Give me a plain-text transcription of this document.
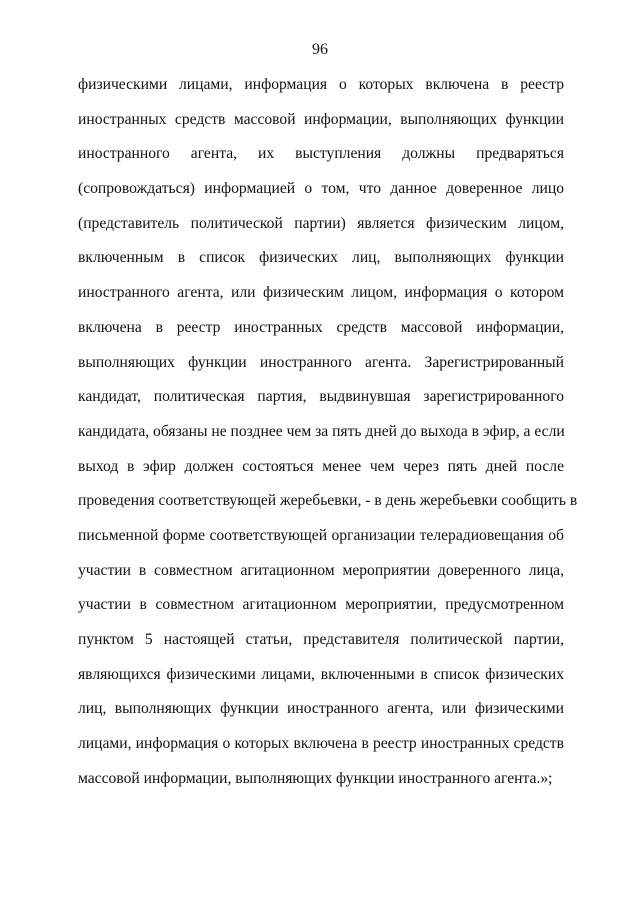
96
физическими лицами, информация о которых включена в реестр
иностранных средств массовой информации, выполняющих функции
иностранного агента, их выступления должны предваряться
(сопровождаться) информацией о том, что данное доверенное лицо
(представитель политической партии) является физическим лицом,
включенным в список физических лиц, выполняющих функции
иностранного агента, или физическим лицом, информация о котором
включена в реестр иностранных средств массовой информации,
выполняющих функции иностранного агента. Зарегистрированный
кандидат, политическая партия, выдвинувшая зарегистрированного
кандидата, обязаны не позднее чем за пять дней до выхода в эфир, а если
выход в эфир должен состояться менее чем через пять дней после
проведения соответствующей жеребьевки, - в день жеребьевки сообщить в
письменной форме соответствующей организации телерадиовещания об
участии в совместном агитационном мероприятии доверенного лица,
участии в совместном агитационном мероприятии, предусмотренном
пунктом 5 настоящей статьи, представителя политической партии,
являющихся физическими лицами, включенными в список физических
лиц, выполняющих функции иностранного агента, или физическими
лицами, информация о которых включена в реестр иностранных средств
массовой информации, выполняющих функции иностранного агента.»;
